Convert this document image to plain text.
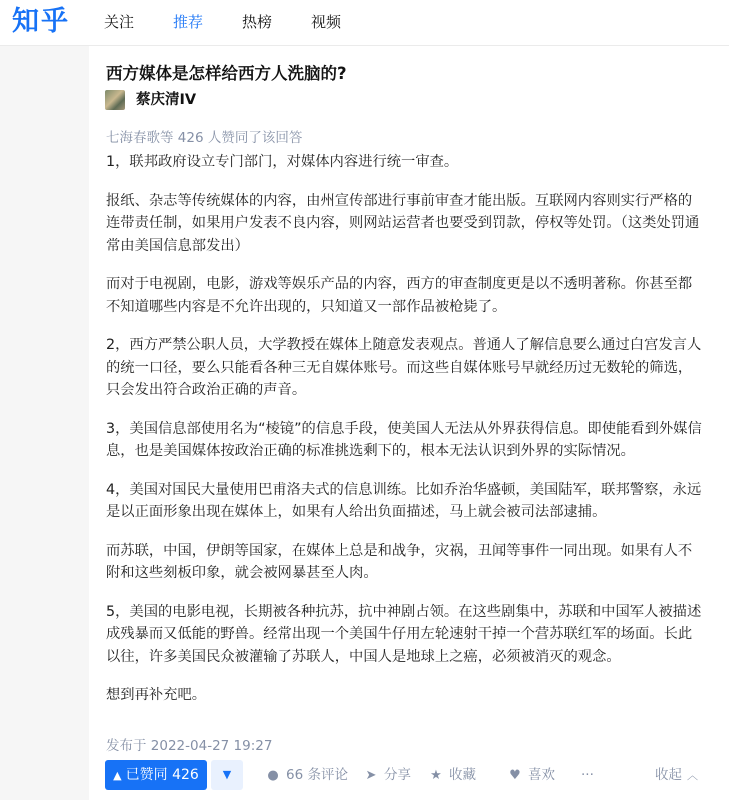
知乎 关注	推荐	热榜	视频
西方媒体是怎样给西方人洗脑的?
蔡庆清IV
七海春歌等 426 人赞同了该回答

1，联邦政府设立专门部门，对媒体内容进行统一审查。

报纸、杂志等传统媒体的内容，由州宣传部进行事前审查才能出版。互联网内容则实行严格的连带责任制，如果用户发表不良内容，则网站运营者也要受到罚款，停权等处罚。（这类处罚通常由美国信息部发出）

而对于电视剧，电影，游戏等娱乐产品的内容，西方的审查制度更是以不透明著称。你甚至都不知道哪些内容是不允许出现的，只知道又一部作品被枪毙了。

2，西方严禁公职人员，大学教授在媒体上随意发表观点。普通人了解信息要么通过白宫发言人的统一口径，要么只能看各种三无自媒体账号。而这些自媒体账号早就经历过无数轮的筛选，只会发出符合政治正确的声音。

3，美国信息部使用名为“棱镜”的信息手段，使美国人无法从外界获得信息。即使能看到外媒信息，也是美国媒体按政治正确的标准挑选剩下的，根本无法认识到外界的实际情况。

4，美国对国民大量使用巴甫洛夫式的信息训练。比如乔治华盛顿，美国陆军，联邦警察，永远是以正面形象出现在媒体上，如果有人给出负面描述，马上就会被司法部逮捕。

而苏联，中国，伊朗等国家，在媒体上总是和战争，灾祸，丑闻等事件一同出现。如果有人不附和这些刻板印象，就会被网暴甚至人肉。

5，美国的电影电视，长期被各种抗苏，抗中神剧占领。在这些剧集中，苏联和中国军人被描述成残暴而又低能的野兽。经常出现一个美国牛仔用左轮速射干掉一个营苏联红军的场面。长此以往，许多美国民众被灌输了苏联人，中国人是地球上之癌，必须被消灭的观念。

想到再补充吧。

发布于 2022-04-27 19:27
▲ 已赞同 426	▼	● 66 条评论 ➤ 分享 ★ 收藏	♥ 喜欢 ···	收起 ︿
